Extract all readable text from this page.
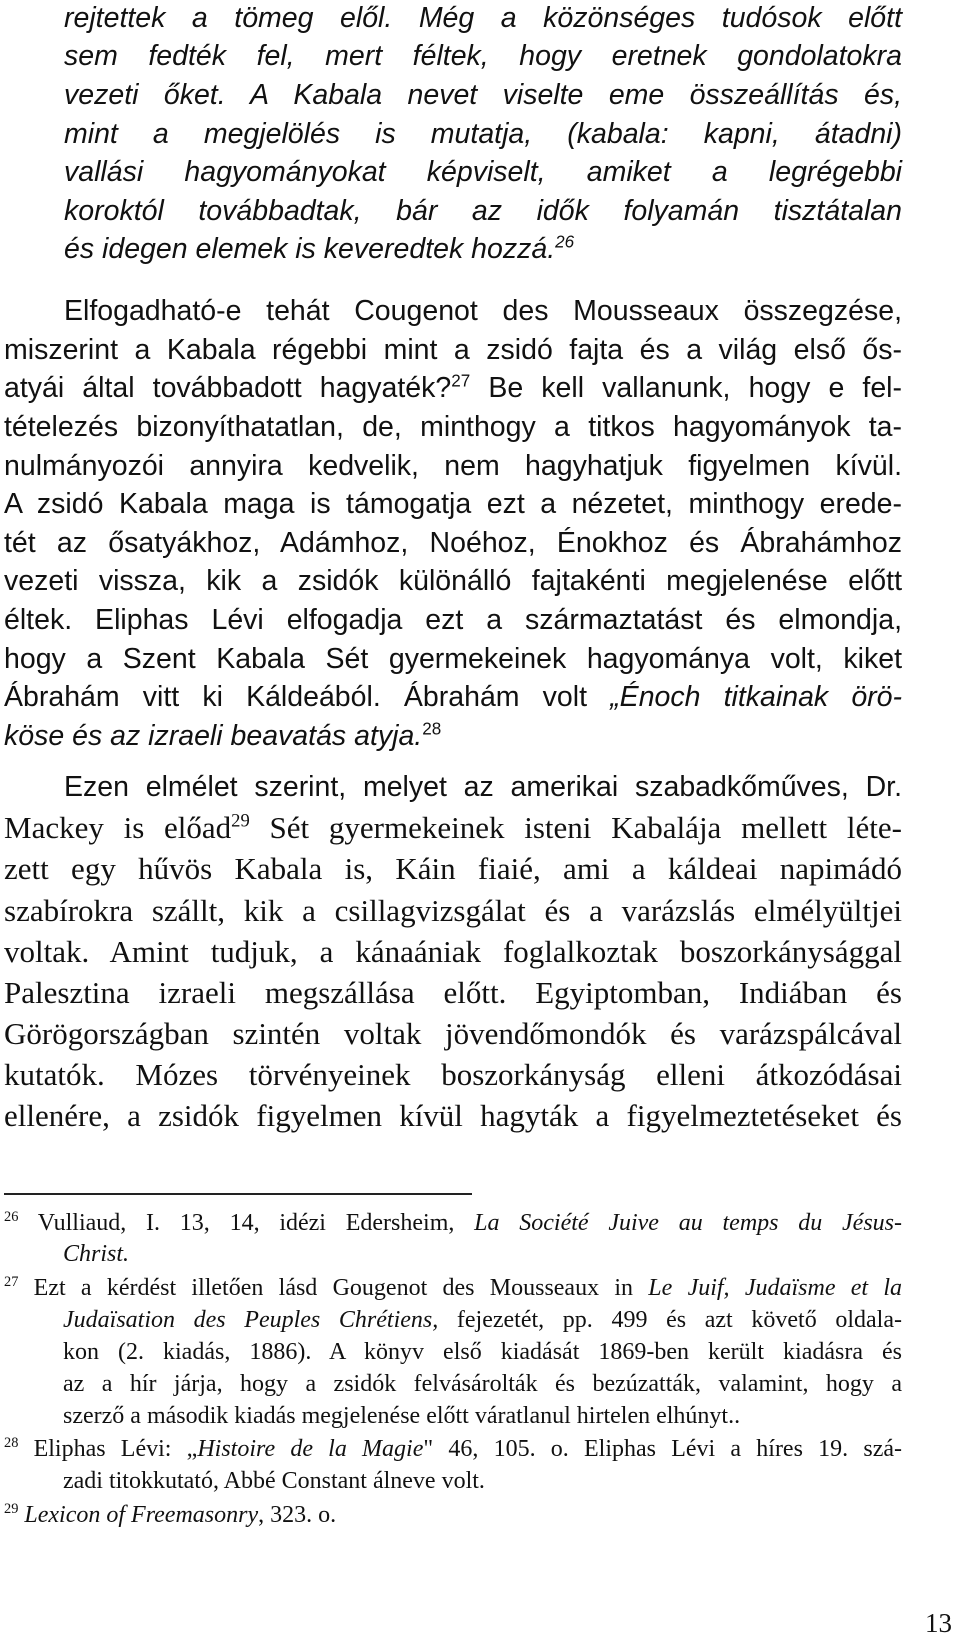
rejtettek a tömeg elől. Még a közönséges tudósok előtt
sem fedték fel, mert féltek, hogy eretnek gondolatokra
vezeti őket. A Kabala nevet viselte eme összeállítás és,
mint a megjelölés is mutatja, (kabala: kapni, átadni)
vallási hagyományokat képviselt, amiket a legrégebbi
koroktól továbbadtak, bár az idők folyamán tisztátalan
és idegen elemek is keveredtek hozzá.$^{26}$
Elfogadható-e tehát Cougenot des Mousseaux összegzése,
miszerint a Kabala régebbi mint a zsidó fajta és a világ első ős-
atyái által továbbadott hagyaték?$^{27}$ Be kell vallanunk, hogy e fel-
tételezés bizonyíthatatlan, de, minthogy a titkos hagyományok ta-
nulmányozói annyira kedvelik, nem hagyhatjuk figyelmen kívül.
A zsidó Kabala maga is támogatja ezt a nézetet, minthogy erede-
tét az ősatyákhoz, Adámhoz, Noéhoz, Énokhoz és Ábrahámhoz
vezeti vissza, kik a zsidók különálló fajtakénti megjelenése előtt
éltek. Eliphas Lévi elfogadja ezt a származtatást és elmondja,
hogy a Szent Kabala Sét gyermekeinek hagyománya volt, kiket
Ábrahám vitt ki Káldeából. Ábrahám volt „Énoch titkainak örö-
köse és az izraeli beavatás atyja.$^{28}$
Ezen elmélet szerint, melyet az amerikai szabadkőműves, Dr.
Mackey is előad$^{29}$ Sét gyermekeinek isteni Kabalája mellett léte-
zett egy hűvös Kabala is, Káin fiaié, ami a káldeai napimádó
szabírokra szállt, kik a csillagvizsgálat és a varázslás elmélyültjei
voltak. Amint tudjuk, a kánaániak foglalkoztak boszorkánysággal
Palesztina izraeli megszállása előtt. Egyiptomban, Indiában és
Görögországban szintén voltak jövendőmondók és varázspálcával
kutatók. Mózes törvényeinek boszorkányság elleni átkozódásai
ellenére, a zsidók figyelmen kívül hagyták a figyelmeztetéseket és
$^{26}$ Vulliaud, I. 13, 14, idézi Edersheim, La Société Juive au temps du Jésus-
Christ.
$^{27}$ Ezt a kérdést illetően lásd Gougenot des Mousseaux in Le Juif, Judaïsme et la
Judaïsation des Peuples Chrétiens, fejezetét, pp. 499 és azt követő oldala-
kon (2. kiadás, 1886). A könyv első kiadását 1869-ben került kiadásra és
az a hír járja, hogy a zsidók felvásárolták és bezúzatták, valamint, hogy a
szerző a második kiadás megjelenése előtt váratlanul hirtelen elhúnyt..
$^{28}$ Eliphas Lévi: „Histoire de la Magie" 46, 105. o. Eliphas Lévi a híres 19. szá-
zadi titokkutató, Abbé Constant álneve volt.
$^{29}$ Lexicon of Freemasonry, 323. o.
13
